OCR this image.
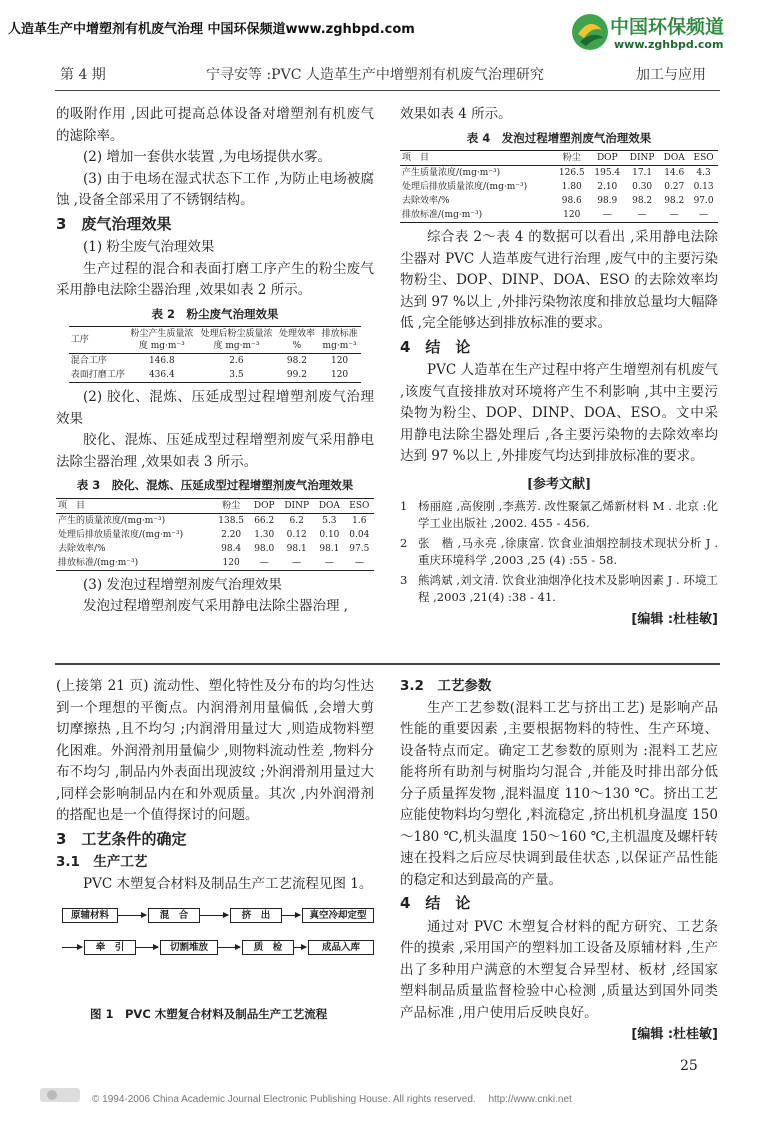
人造革生产中增塑剂有机废气治理 中国环保频道www.zghbpd.com	中国环保频道
www.zghbpd.com
第 4 期	宁寻安等 :PVC 人造革生产中增塑剂有机废气治理研究	加工与应用

的吸附作用 ,因此可提高总体设备对增塑剂有机废气的滤除率。

(2) 增加一套供水装置 ,为电场提供水雾。

(3) 由于电场在湿式状态下工作 ,为防止电场被腐蚀 ,设备全部采用了不锈钢结构。

3　废气治理效果

(1) 粉尘废气治理效果

生产过程的混合和表面打磨工序产生的粉尘废气采用静电法除尘器治理 ,效果如表 2 所示。

表 2　粉尘废气治理效果
工序	粉尘产生质量浓度 mg·m⁻³	处理后粉尘质量浓度 mg·m⁻³	处理效率 %	排放标准 mg·m⁻³
混合工序	146.8	2.6	98.2	120
表面打磨工序	436.4	3.5	99.2	120

(2) 胶化、混炼、压延成型过程增塑剂废气治理效果

胶化、混炼、压延成型过程增塑剂废气采用静电法除尘器治理 ,效果如表 3 所示。

表 3　胶化、混炼、压延成型过程增塑剂废气治理效果
项　目	粉尘	DOP	DINP	DOA	ESO
产生的质量浓度/(mg·m⁻³)	138.5	66.2	6.2	5.3	1.6
处理后排放质量浓度/(mg·m⁻³)	2.20	1.30	0.12	0.10	0.04
去除效率/%	98.4	98.0	98.1	98.1	97.5
排放标准/(mg·m⁻³)	120	—	—	—	—

(3) 发泡过程增塑剂废气治理效果

发泡过程增塑剂废气采用静电法除尘器治理 ,

效果如表 4 所示。

表 4　发泡过程增塑剂废气治理效果
项　目	粉尘	DOP	DINP	DOA	ESO
产生质量浓度/(mg·m⁻³)	126.5	195.4	17.1	14.6	4.3
处理后排放质量浓度/(mg·m⁻³)	1.80	2.10	0.30	0.27	0.13
去除效率/%	98.6	98.9	98.2	98.2	97.0
排放标准/(mg·m⁻³)	120	—	—	—	—

综合表 2～表 4 的数据可以看出 ,采用静电法除尘器对 PVC 人造革废气进行治理 ,废气中的主要污染物粉尘、DOP、DINP、DOA、ESO 的去除效率均达到 97 %以上 ,外排污染物浓度和排放总量均大幅降低 ,完全能够达到排放标准的要求。

4　结　论

PVC 人造革在生产过程中将产生增塑剂有机废气 ,该废气直接排放对环境将产生不利影响 ,其中主要污染物为粉尘、DOP、DINP、DOA、ESO。文中采用静电法除尘器处理后 ,各主要污染物的去除效率均达到 97 %以上 ,外排废气均达到排放标准的要求。

[参考文献]
1 杨丽庭 ,高俊刚 ,李燕芳. 改性聚氯乙烯新材料 M . 北京 :化学工业出版社 ,2002. 455 - 456.
2 张　楷 ,马永亮 ,徐康富. 饮食业油烟控制技术现状分析 J . 重庆环境科学 ,2003 ,25 (4) :55 - 58.
3 熊鸿斌 ,刘文清. 饮食业油烟净化技术及影响因素 J . 环境工程 ,2003 ,21(4) :38 - 41.
[编辑 :杜桂敏]

(上接第 21 页) 流动性、塑化特性及分布的均匀性达到一个理想的平衡点。内润滑剂用量偏低 ,会增大剪切摩擦热 ,且不均匀 ;内润滑用量过大 ,则造成物料塑化困难。外润滑剂用量偏少 ,则物料流动性差 ,物料分布不均匀 ,制品内外表面出现波纹 ;外润滑剂用量过大 ,同样会影响制品内在和外观质量。其次 ,内外润滑剂的搭配也是一个值得探讨的问题。

3　工艺条件的确定
3.1　生产工艺

PVC 木塑复合材料及制品生产工艺流程见图 1。

原辅材料	混　合	挤　出	真空冷却定型
牵　引	切割堆放	质　检	成品入库
图 1　PVC 木塑复合材料及制品生产工艺流程
3.2　工艺参数

生产工艺参数(混料工艺与挤出工艺) 是影响产品性能的重要因素 ,主要根据物料的特性、生产环境、设备特点而定。确定工艺参数的原则为 :混料工艺应能将所有助剂与树脂均匀混合 ,并能及时排出部分低分子质量挥发物 ,混料温度 110～130 ℃。挤出工艺应能使物料均匀塑化 ,料流稳定 ,挤出机机身温度 150～180 ℃,机头温度 150～160 ℃,主机温度及螺杆转速在投料之后应尽快调到最佳状态 ,以保证产品性能的稳定和达到最高的产量。

4　结　论

通过对 PVC 木塑复合材料的配方研究、工艺条件的摸索 ,采用国产的塑料加工设备及原辅材料 ,生产出了多种用户满意的木塑复合异型材、板材 ,经国家塑料制品质量监督检验中心检测 ,质量达到国外同类产品标准 ,用户使用后反映良好。

[编辑 :杜桂敏]
25
© 1994-2006 China Academic Journal Electronic Publishing House. All rights reserved.　 http://www.cnki.net
